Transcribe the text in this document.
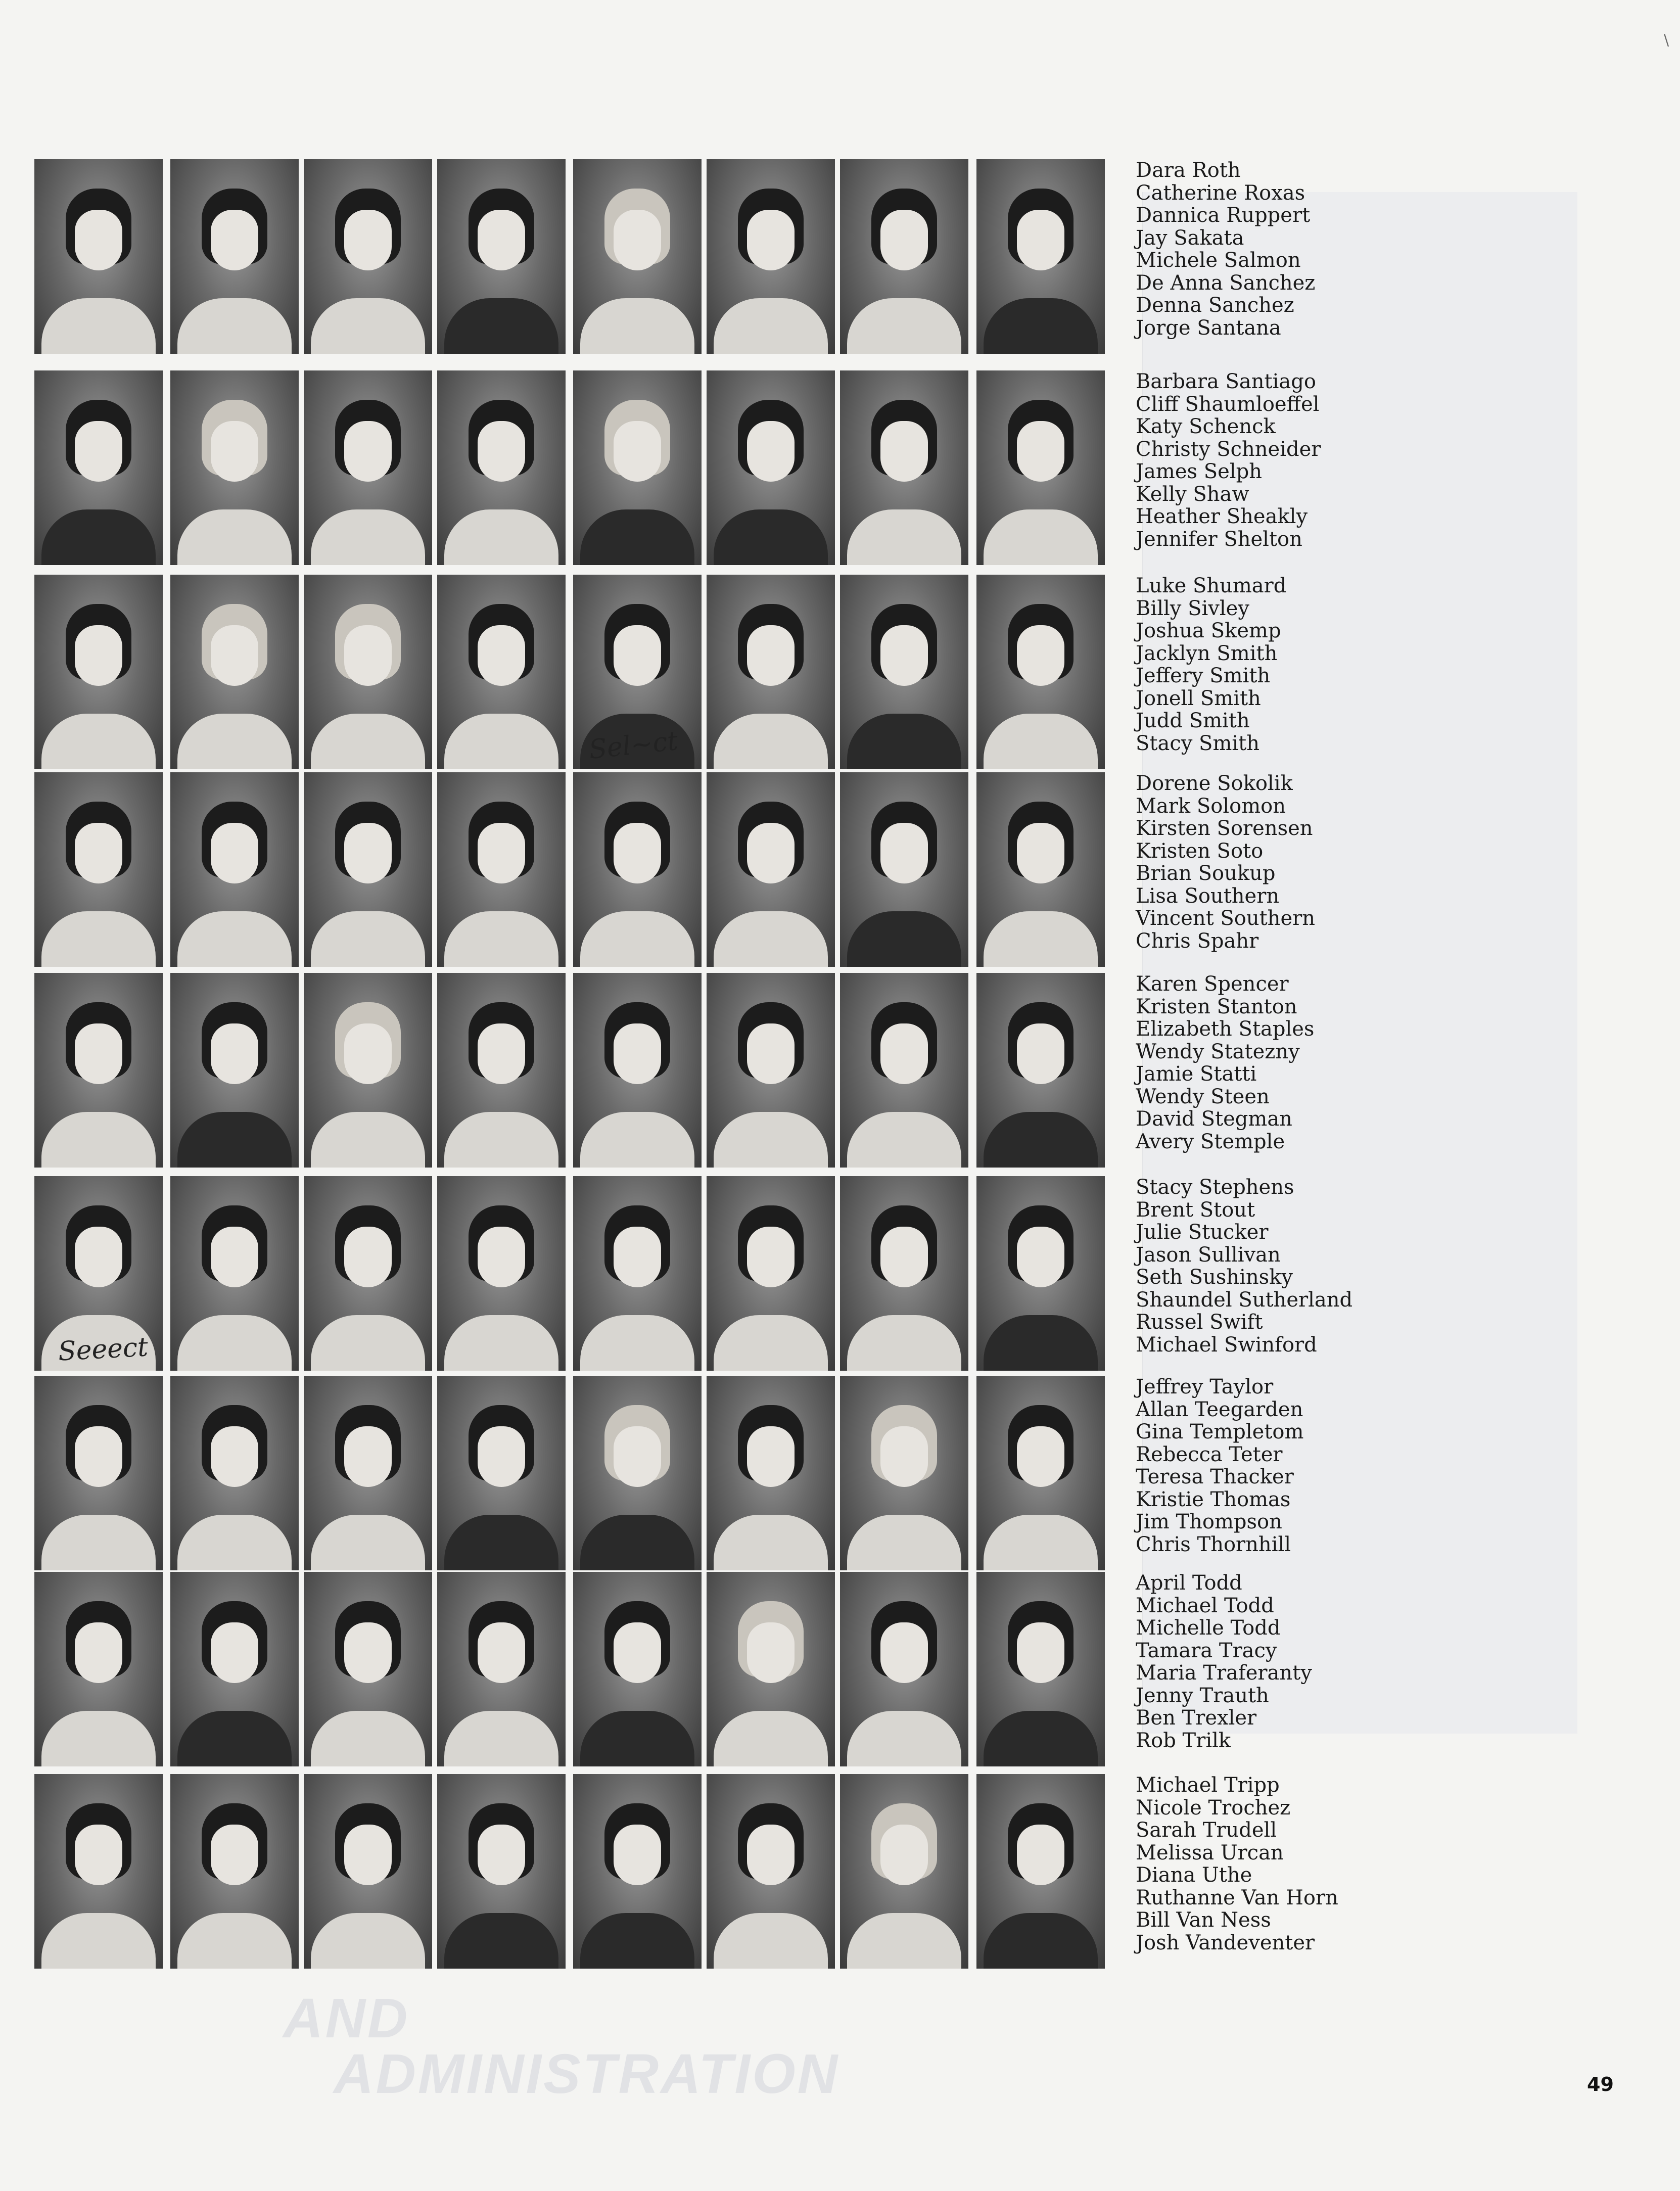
AND
ADMINISTRATION
\
Sel~ct
Seeect
49
Dara Roth
Catherine Roxas
Dannica Ruppert
Jay Sakata
Michele Salmon
De Anna Sanchez
Denna Sanchez
Jorge Santana
Barbara Santiago
Cliff Shaumloeffel
Katy Schenck
Christy Schneider
James Selph
Kelly Shaw
Heather Sheakly
Jennifer Shelton
Luke Shumard
Billy Sivley
Joshua Skemp
Jacklyn Smith
Jeffery Smith
Jonell Smith
Judd Smith
Stacy Smith
Dorene Sokolik
Mark Solomon
Kirsten Sorensen
Kristen Soto
Brian Soukup
Lisa Southern
Vincent Southern
Chris Spahr
Karen Spencer
Kristen Stanton
Elizabeth Staples
Wendy Statezny
Jamie Statti
Wendy Steen
David Stegman
Avery Stemple
Stacy Stephens
Brent Stout
Julie Stucker
Jason Sullivan
Seth Sushinsky
Shaundel Sutherland
Russel Swift
Michael Swinford
Jeffrey Taylor
Allan Teegarden
Gina Templetom
Rebecca Teter
Teresa Thacker
Kristie Thomas
Jim Thompson
Chris Thornhill
April Todd
Michael Todd
Michelle Todd
Tamara Tracy
Maria Traferanty
Jenny Trauth
Ben Trexler
Rob Trilk
Michael Tripp
Nicole Trochez
Sarah Trudell
Melissa Urcan
Diana Uthe
Ruthanne Van Horn
Bill Van Ness
Josh Vandeventer
